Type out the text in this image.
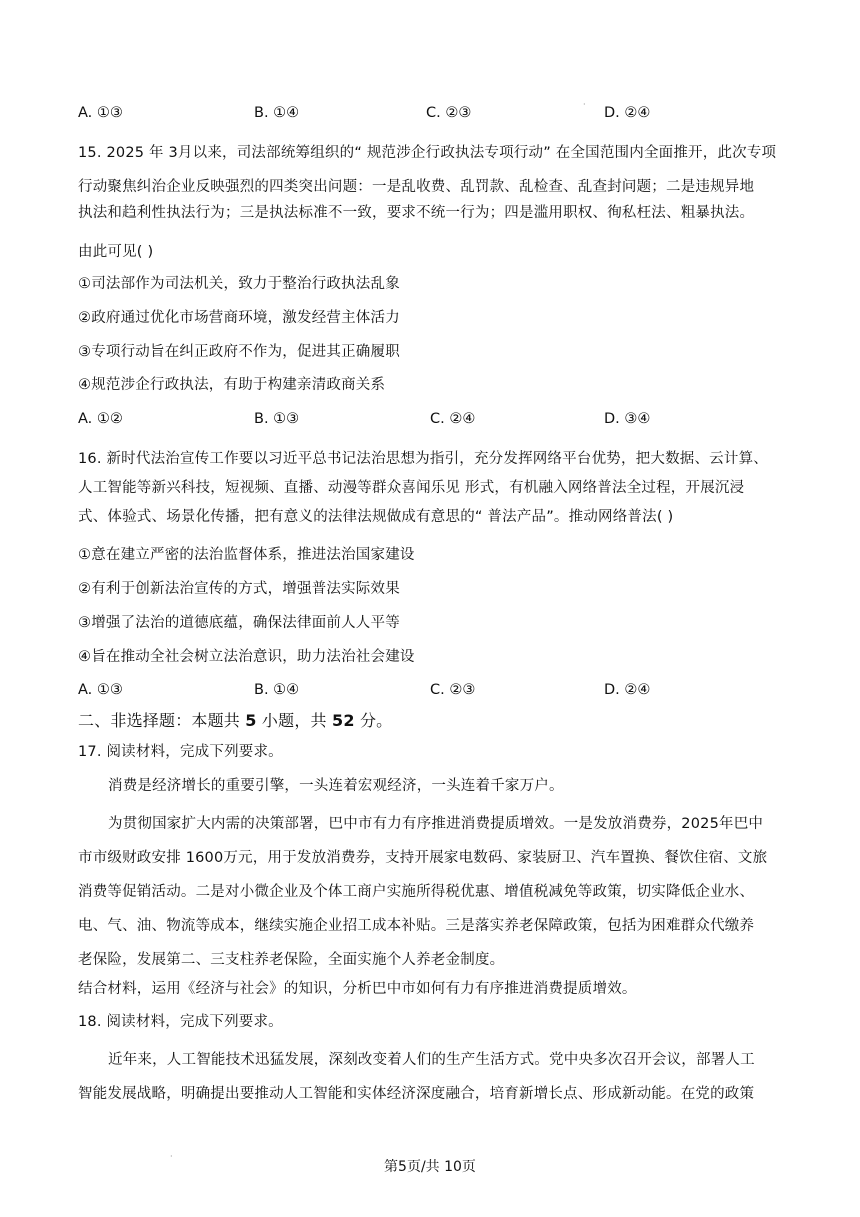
A. ①③	B. ①④	C. ②③	D. ②④
·
15. 2025 年 3月以来，司法部统筹组织的“ 规范涉企行政执法专项行动” 在全国范围内全面推开，此次专项
行动聚焦纠治企业反映强烈的四类突出问题：一是乱收费、乱罚款、乱检查、乱查封问题；二是违规异地
执法和趋利性执法行为；三是执法标准不一致，要求不统一行为；四是滥用职权、徇私枉法、粗暴执法。
由此可见( )
①司法部作为司法机关，致力于整治行政执法乱象
②政府通过优化市场营商环境，激发经营主体活力
③专项行动旨在纠正政府不作为，促进其正确履职
④规范涉企行政执法，有助于构建亲清政商关系
A. ①②	B. ①③	C. ②④	D. ③④
16. 新时代法治宣传工作要以习近平总书记法治思想为指引，充分发挥网络平台优势，把大数据、云计算、
人工智能等新兴科技，短视频、直播、动漫等群众喜闻乐见 形式，有机融入网络普法全过程，开展沉浸
式、体验式、场景化传播，把有意义的法律法规做成有意思的“ 普法产品”。推动网络普法( )
①意在建立严密的法治监督体系，推进法治国家建设
②有利于创新法治宣传的方式，增强普法实际效果
③增强了法治的道德底蕴，确保法律面前人人平等
④旨在推动全社会树立法治意识，助力法治社会建设
A. ①③	B. ①④	C. ②③	D. ②④
二、非选择题：本题共 5 小题，共 52 分。
17. 阅读材料，完成下列要求。
消费是经济增长的重要引擎，一头连着宏观经济，一头连着千家万户。
为贯彻国家扩大内需的决策部署，巴中市有力有序推进消费提质增效。一是发放消费券，2025年巴中
市市级财政安排 1600万元，用于发放消费券，支持开展家电数码、家装厨卫、汽车置换、餐饮住宿、文旅
消费等促销活动。二是对小微企业及个体工商户实施所得税优惠、增值税减免等政策，切实降低企业水、
电、气、油、物流等成本，继续实施企业招工成本补贴。三是落实养老保障政策，包括为困难群众代缴养
老保险，发展第二、三支柱养老保险，全面实施个人养老金制度。
结合材料，运用《经济与社会》的知识，分析巴中市如何有力有序推进消费提质增效。
18. 阅读材料，完成下列要求。
近年来，人工智能技术迅猛发展，深刻改变着人们的生产生活方式。党中央多次召开会议，部署人工
智能发展战略，明确提出要推动人工智能和实体经济深度融合，培育新增长点、形成新动能。在党的政策
·
第5页/共 10页
